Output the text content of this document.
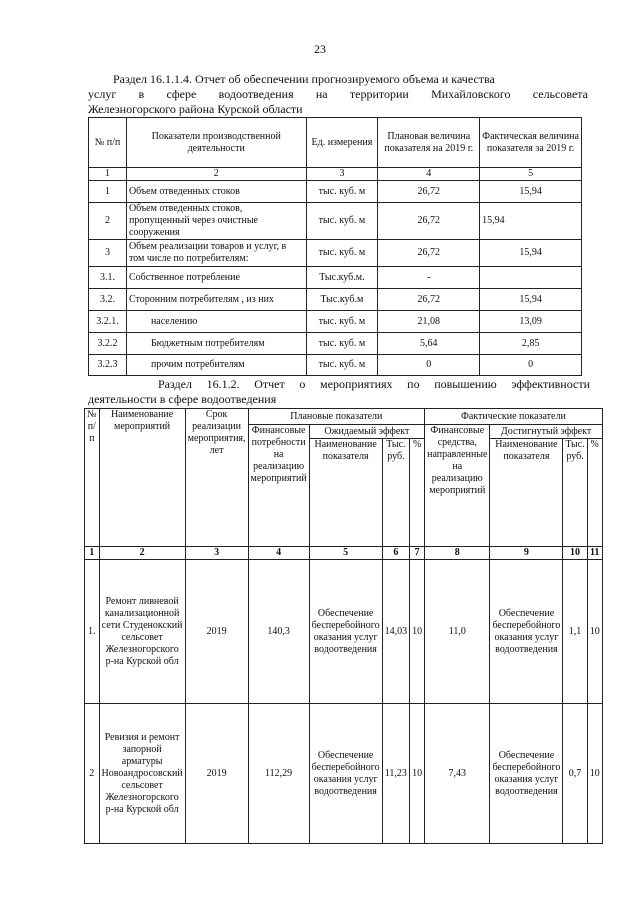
23
Раздел 16.1.1.4. Отчет об обеспечении прогнозируемого объема и качества
услуг в сфере водоотведения на территории Михайловского сельсовета
Железногорского района Курской области
№ п/п	Показатели производственной деятельности	Ед. измерения	Плановая величина показателя на 2019 г.	Фактическая величина показателя за 2019 г.
1	2	3	4	5
1	Объем отведенных стоков	тыс. куб. м	26,72	15,94
2	Объем отведенных стоков, пропущенный через очистные сооружения	тыс. куб. м	26,72	15,94
3	Объем реализации товаров и услуг, в том числе по потребителям:	тыс. куб. м	26,72	15,94
3.1.	Собственное потребление	Тыс.куб.м.	-	
3.2.	Сторонним потребителям , из них	Тыс.куб.м	26,72	15,94
3.2.1.	населению	тыс. куб. м	21,08	13,09
3.2.2	Бюджетным потребителям	тыс. куб. м	5,64	2,85
3.2.3	прочим потребителям	тыс. куб. м	0	0
Раздел 16.1.2. Отчет о мероприятиях по повышению эффективности
деятельности в сфере водоотведения
№ п/п	Наименование мероприятий	Срок реализации мероприятия, лет	Плановые показатели				Фактические показатели			
			Финансовые потребности на реализацию мероприятий	Ожидаемый эффект			Финансовые средства, направленные на реализацию мероприятий	Достигнутый эффект		
				Наименование показателя	Тыс. руб.	%		Наименование показателя	Тыс. руб.	%
1	2	3	4	5	6	7	8	9	10	11
1.	Ремонт ливневой канализационной сети Студенокский сельсовет Железногорского р-на Курской обл	2019	140,3	Обеспечение бесперебойного оказания услуг водоотведения	14,03	10	11,0	Обеспечение бесперебойного оказания услуг водоотведения	1,1	10
2	Ревизия и ремонт запорной арматуры Новоандросовский сельсовет Железногорского р-на Курской обл	2019	112,29	Обеспечение бесперебойного оказания услуг водоотведения	11,23	10	7,43	Обеспечение бесперебойного оказания услуг водоотведения	0,7	10
